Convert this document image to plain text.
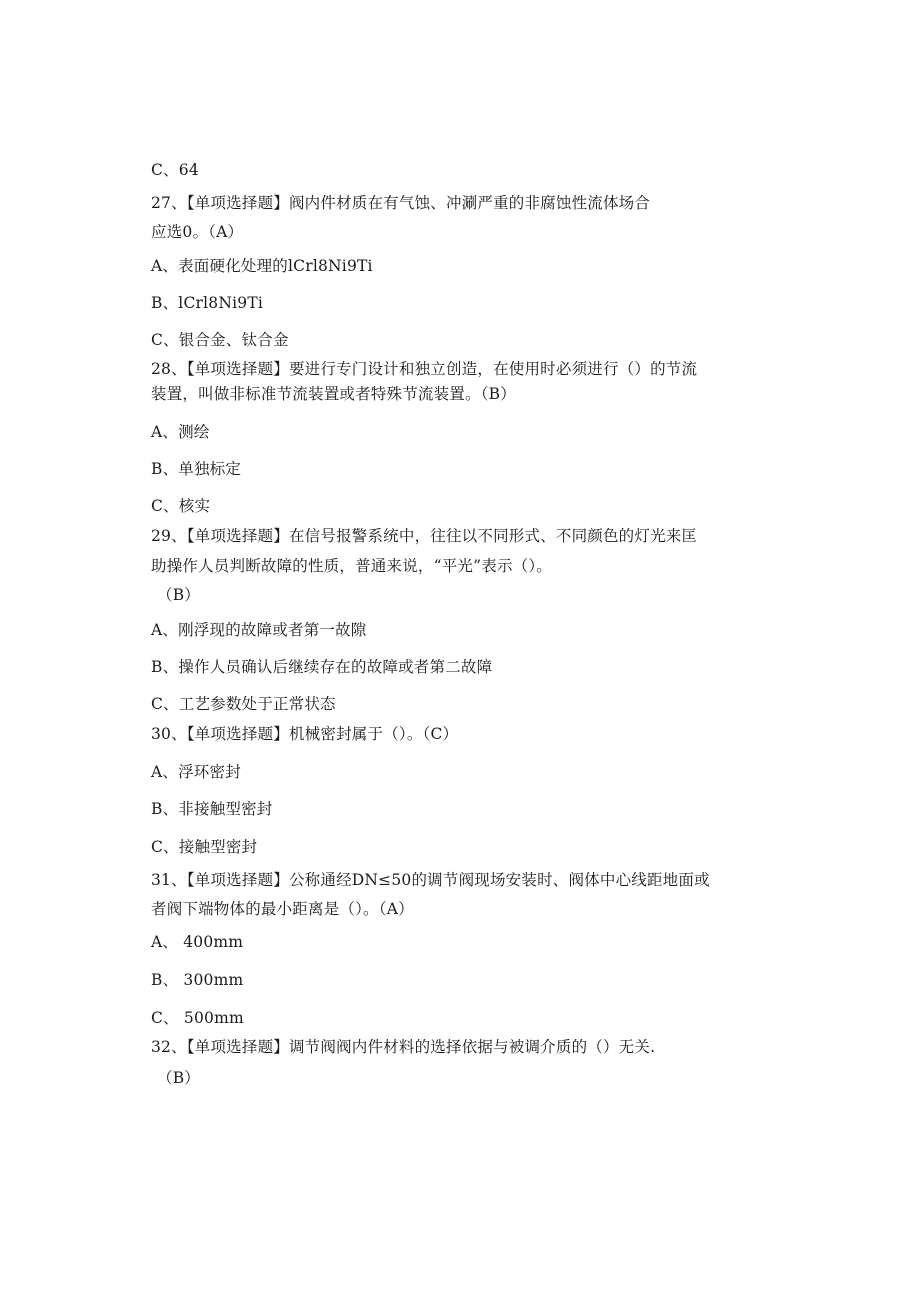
C、64
27、【单项选择题】阀内件材质在有气蚀、冲涮严重的非腐蚀性流体场合
应选0。（A）
A、表面硬化处理的lCrl8Ni9Ti
B、lCrl8Ni9Ti
C、银合金、钛合金
28、【单项选择题】要进行专门设计和独立创造，在使用时必须进行（）的节流
装置，叫做非标准节流装置或者特殊节流装置。（B）
A、测绘
B、单独标定
C、核实
29、【单项选择题】在信号报警系统中，往往以不同形式、不同颜色的灯光来匡
助操作人员判断故障的性质，普通来说，“平光”表示（）。
（B）
A、刚浮现的故障或者第一故隙
B、操作人员确认后继续存在的故障或者第二故障
C、工艺参数处于正常状态
30、【单项选择题】机械密封属于（）。（C）
A、浮环密封
B、非接触型密封
C、接触型密封
31、【单项选择题】公称通经DN≤50的调节阀现场安装时、阀体中心线距地面或
者阀下端物体的最小距离是（）。（A）
A、 400mm
B、 300mm
C、 500mm
32、【单项选择题】调节阀阀内件材料的选择依据与被调介质的（）无关.
（B）
